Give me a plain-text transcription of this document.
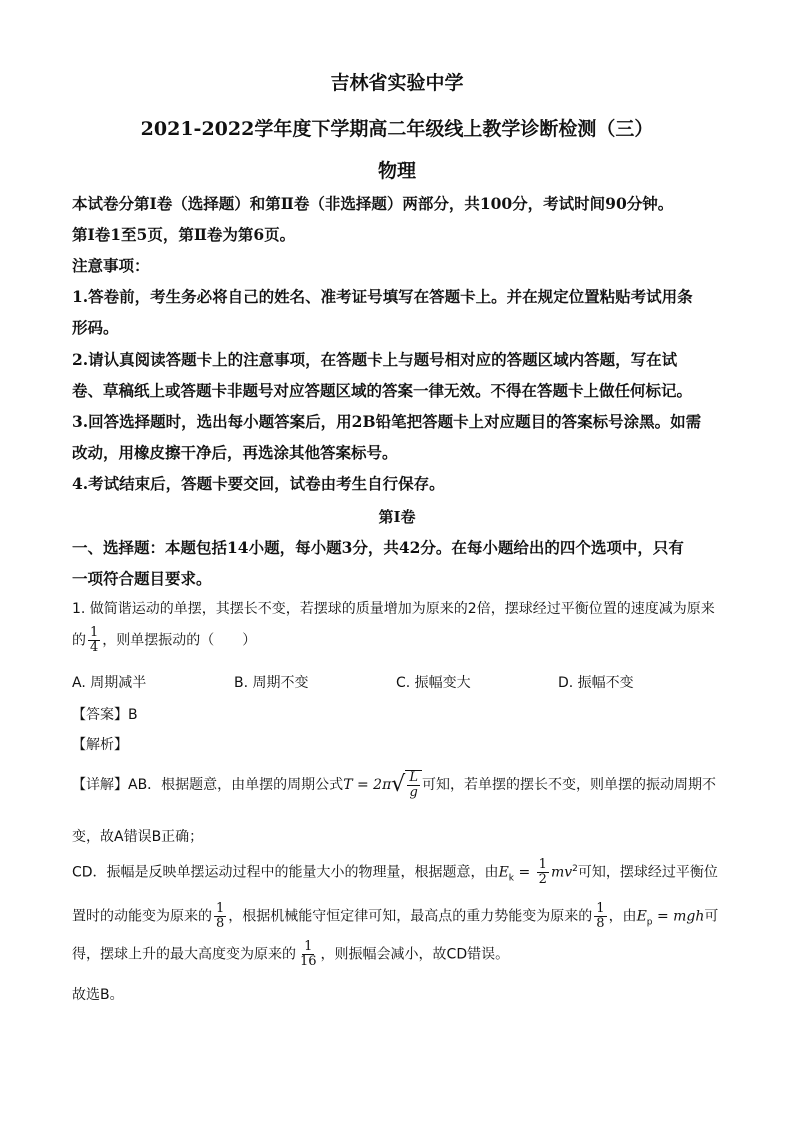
吉林省实验中学
2021-2022学年度下学期高二年级线上教学诊断检测（三）
物理
本试卷分第Ⅰ卷（选择题）和第Ⅱ卷（非选择题）两部分，共100分，考试时间90分钟。
第Ⅰ卷1至5页，第Ⅱ卷为第6页。
注意事项：
1.答卷前，考生务必将自己的姓名、准考证号填写在答题卡上。并在规定位置粘贴考试用条
形码。
2.请认真阅读答题卡上的注意事项，在答题卡上与题号相对应的答题区域内答题，写在试
卷、草稿纸上或答题卡非题号对应答题区域的答案一律无效。不得在答题卡上做任何标记。
3.回答选择题时，选出每小题答案后，用2B铅笔把答题卡上对应题目的答案标号涂黑。如需
改动，用橡皮擦干净后，再选涂其他答案标号。
4.考试结束后，答题卡要交回，试卷由考生自行保存。
第Ⅰ卷
一、选择题：本题包括14小题，每小题3分，共42分。在每小题给出的四个选项中，只有
一项符合题目要求。
1. 做简谐运动的单摆，其摆长不变，若摆球的质量增加为原来的2倍，摆球经过平衡位置的速度减为原来
的 $\frac{1}{4}$ ，则单摆振动的（　　）
A. 周期减半	B. 周期不变	C. 振幅变大	D. 振幅不变
【答案】B
【解析】
【详解】AB．根据题意，由单摆的周期公式T = 2π √ $\frac{L}{g}$ 可知，若单摆的摆长不变，则单摆的振动周期不
变，故A错误B正确；
CD．振幅是反映单摆运动过程中的能量大小的物理量，根据题意，由$E_k = \frac{1}{2} mv^2$可知，摆球经过平衡位
置时的动能变为原来的 $\frac{1}{8}$ ，根据机械能守恒定律可知，最高点的重力势能变为原来的 $\frac{1}{8}$ ，由$E_p$ = mgh可
得，摆球上升的最大高度变为原来的 $\frac{1}{16}$ ，则振幅会减小，故CD错误。
故选B。
